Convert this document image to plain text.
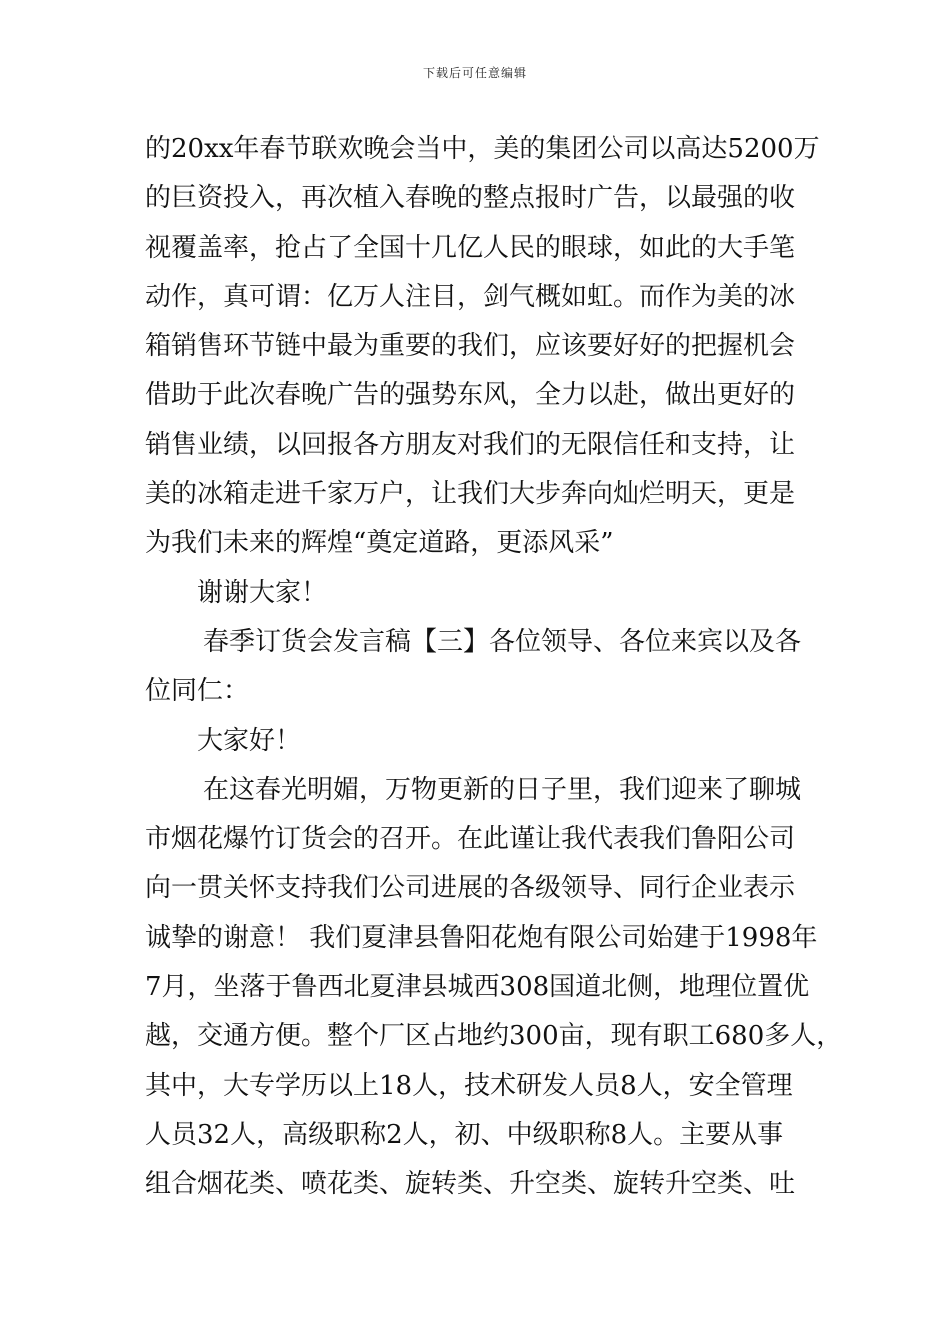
下载后可任意编辑
的20xx年春节联欢晚会当中，美的集团公司以高达5200万
的巨资投入，再次植入春晚的整点报时广告，以最强的收
视覆盖率，抢占了全国十几亿人民的眼球，如此的大手笔
动作，真可谓：亿万人注目，剑气概如虹。而作为美的冰
箱销售环节链中最为重要的我们，应该要好好的把握机会
借助于此次春晚广告的强势东风，全力以赴，做出更好的
销售业绩，以回报各方朋友对我们的无限信任和支持，让
美的冰箱走进千家万户，让我们大步奔向灿烂明天，更是
为我们未来的辉煌“奠定道路，更添风采”
谢谢大家！
春季订货会发言稿【三】各位领导、各位来宾以及各
位同仁：
大家好！
在这春光明媚，万物更新的日子里，我们迎来了聊城
市烟花爆竹订货会的召开。在此谨让我代表我们鲁阳公司
向一贯关怀支持我们公司进展的各级领导、同行企业表示
诚挚的谢意！ 我们夏津县鲁阳花炮有限公司始建于1998年
7月，坐落于鲁西北夏津县城西308国道北侧，地理位置优
越，交通方便。整个厂区占地约300亩，现有职工680多人，
其中，大专学历以上18人，技术研发人员8人，安全管理
人员32人，高级职称2人，初、中级职称8人。主要从事
组合烟花类、喷花类、旋转类、升空类、旋转升空类、吐
